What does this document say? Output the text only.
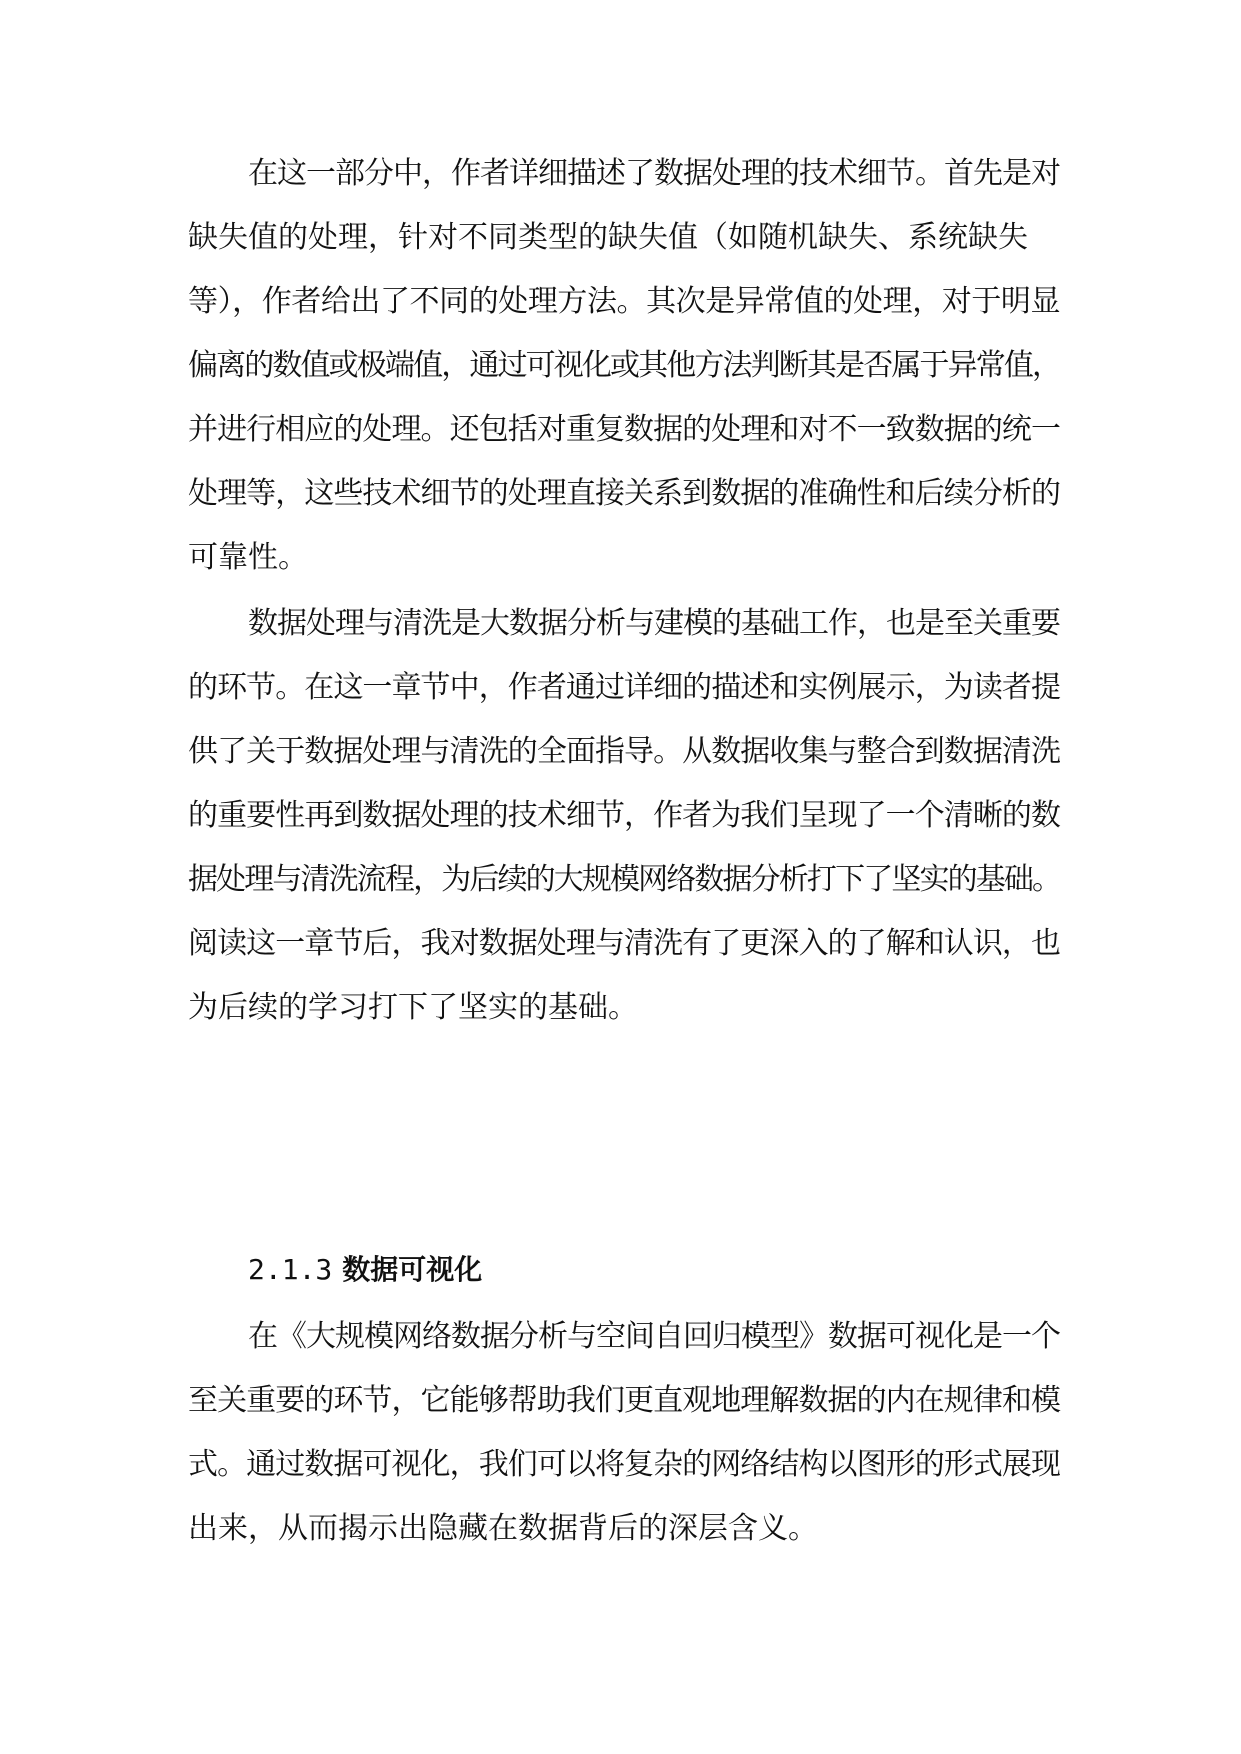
在这一部分中，作者详细描述了数据处理的技术细节。首先是对
缺失值的处理，针对不同类型的缺失值（如随机缺失、系统缺失
等），作者给出了不同的处理方法。其次是异常值的处理，对于明显
偏离的数值或极端值，通过可视化或其他方法判断其是否属于异常值，
并进行相应的处理。还包括对重复数据的处理和对不一致数据的统一
处理等，这些技术细节的处理直接关系到数据的准确性和后续分析的
可靠性。
数据处理与清洗是大数据分析与建模的基础工作，也是至关重要
的环节。在这一章节中，作者通过详细的描述和实例展示，为读者提
供了关于数据处理与清洗的全面指导。从数据收集与整合到数据清洗
的重要性再到数据处理的技术细节，作者为我们呈现了一个清晰的数
据处理与清洗流程，为后续的大规模网络数据分析打下了坚实的基础。
阅读这一章节后，我对数据处理与清洗有了更深入的了解和认识，也
为后续的学习打下了坚实的基础。
2.1.3 数据可视化
在《大规模网络数据分析与空间自回归模型》数据可视化是一个
至关重要的环节，它能够帮助我们更直观地理解数据的内在规律和模
式。通过数据可视化，我们可以将复杂的网络结构以图形的形式展现
出来，从而揭示出隐藏在数据背后的深层含义。
